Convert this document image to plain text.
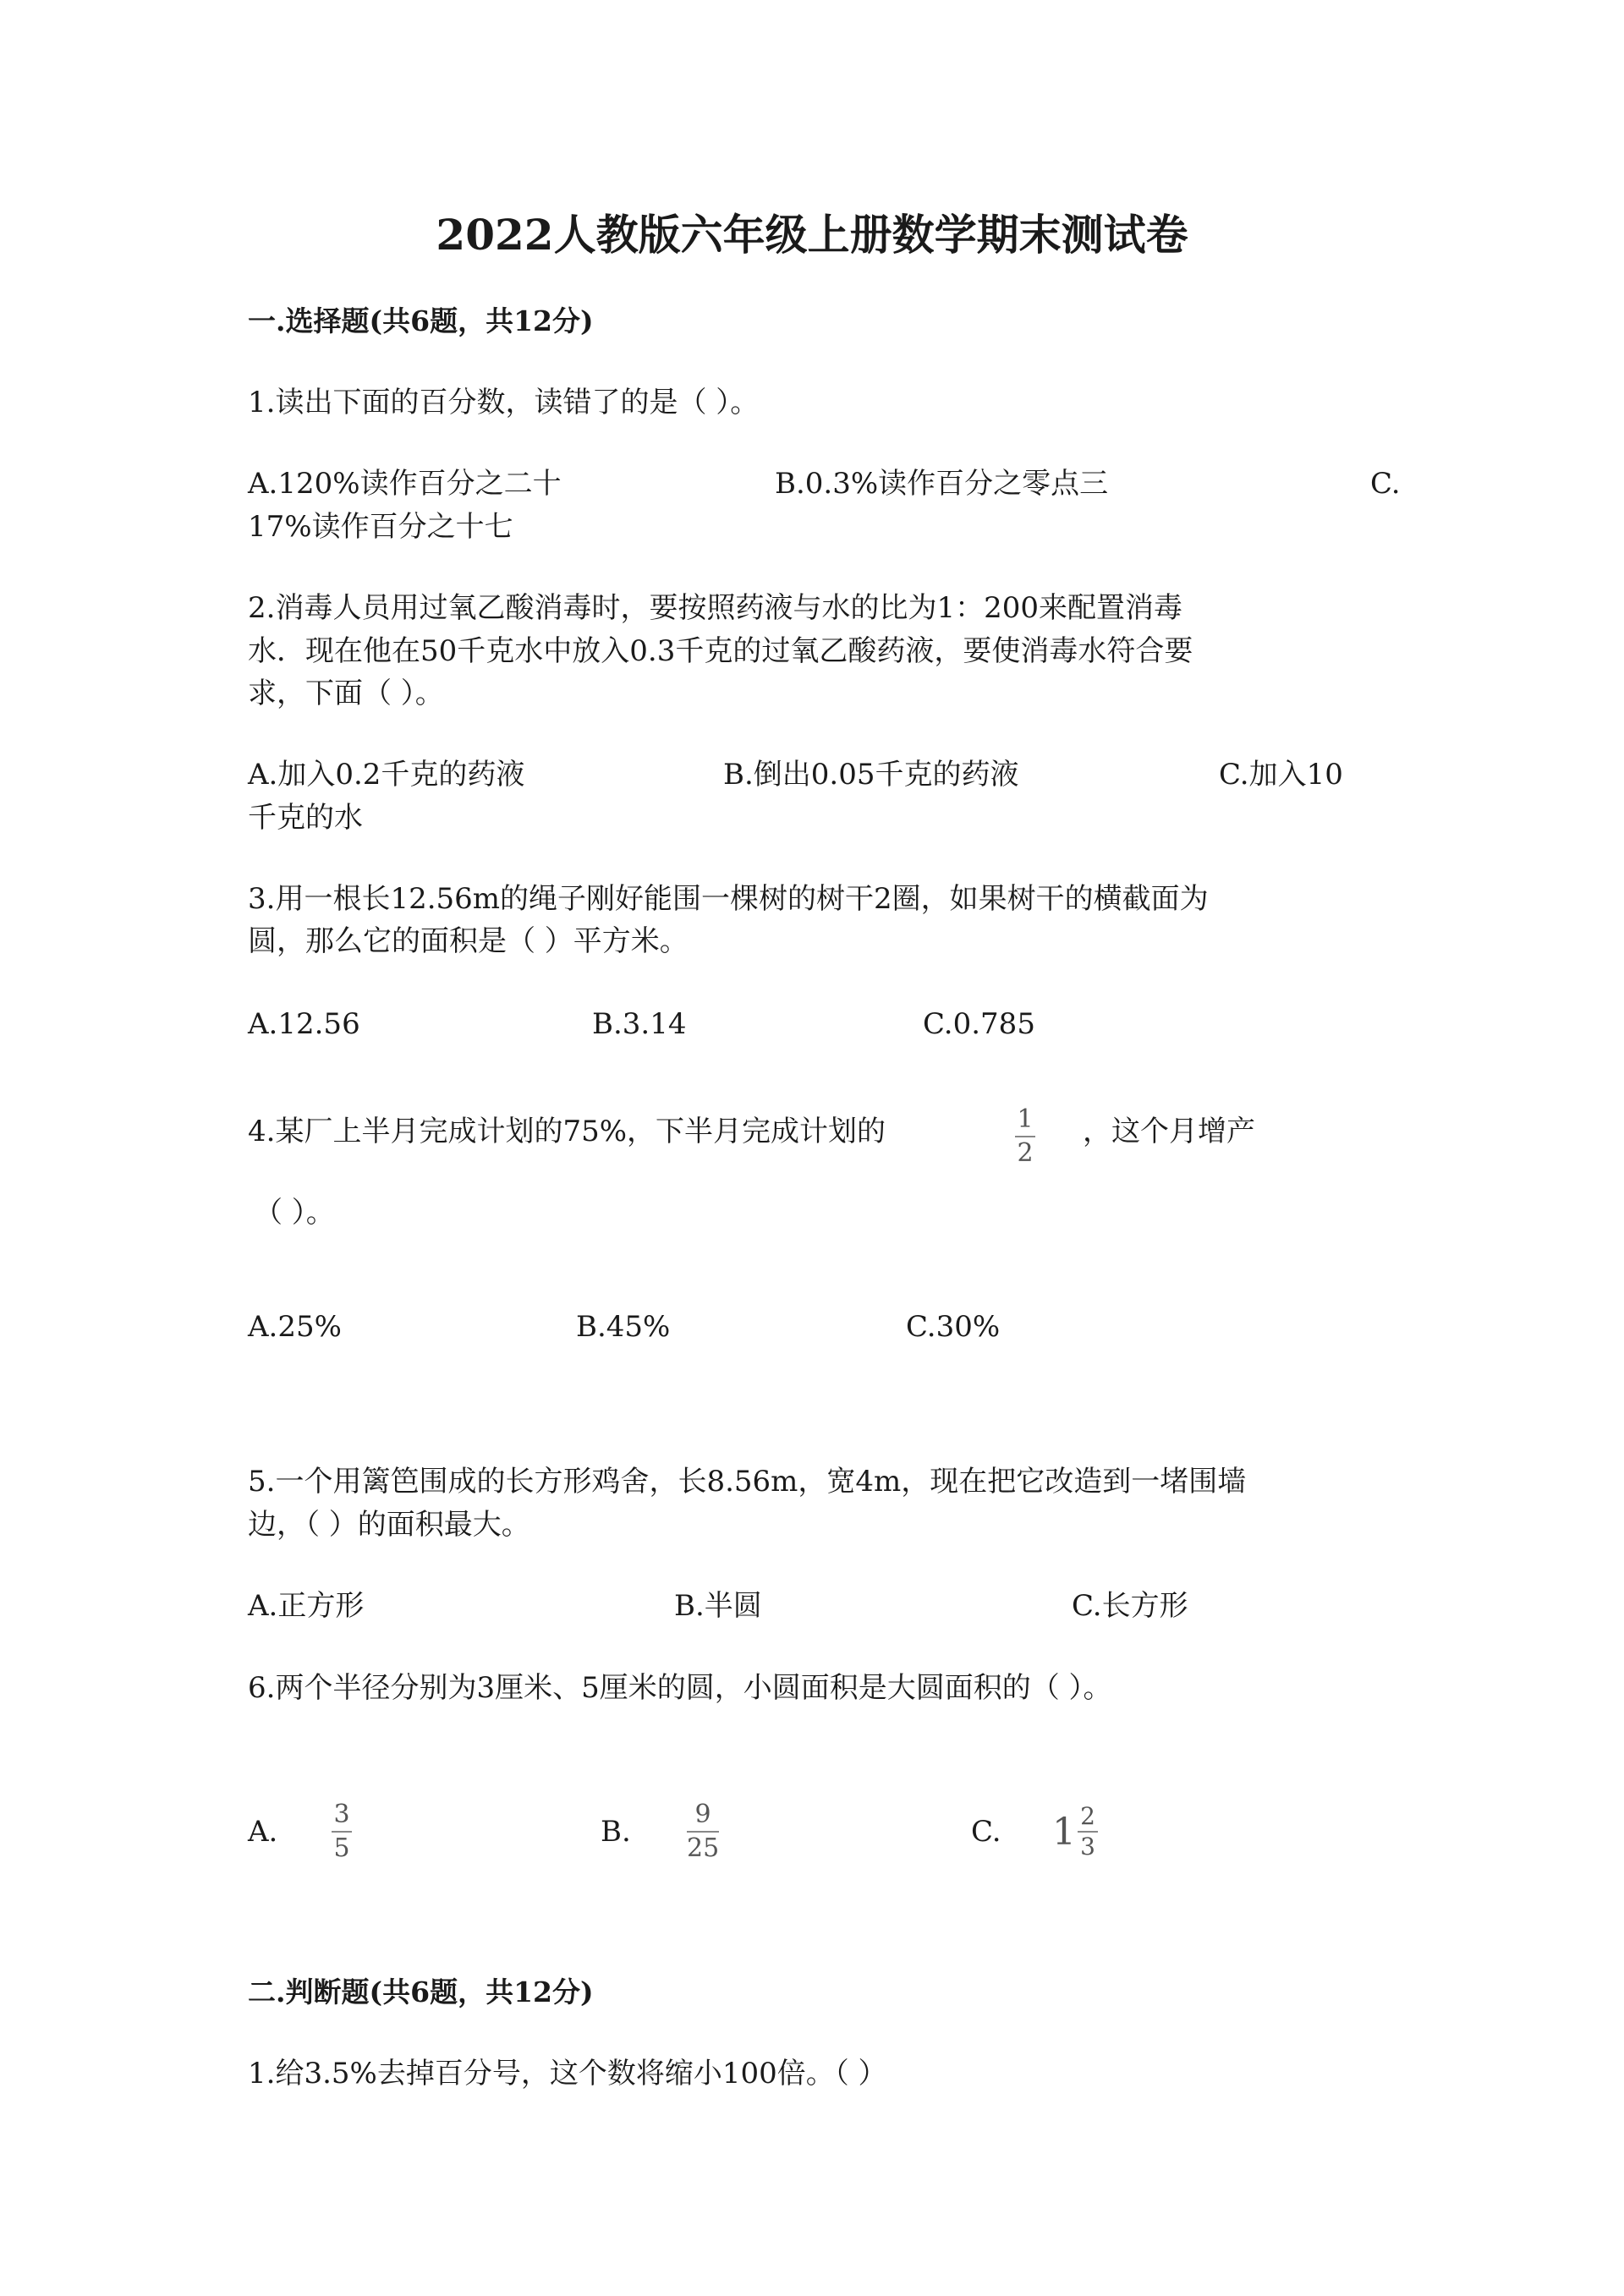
2022人教版六年级上册数学期末测试卷
一.选择题(共6题，共12分)
1.读出下面的百分数，读错了的是（ ）。
A.120%读作百分之二十	B.0.3%读作百分之零点三	C.
17%读作百分之十七
2.消毒人员用过氧乙酸消毒时，要按照药液与水的比为1：200来配置消毒
水．现在他在50千克水中放入0.3千克的过氧乙酸药液，要使消毒水符合要
求，下面（ ）。
A.加入0.2千克的药液	B.倒出0.05千克的药液	C.加入10
千克的水
3.用一根长12.56m的绳子刚好能围一棵树的树干2圈，如果树干的横截面为
圆，那么它的面积是（ ）平方米。
A.12.56	B.3.14	C.0.785
4.某厂上半月完成计划的75%，下半月完成计划的	1
2
，这个月增产
（ ）。
A.25%	B.45%	C.30%
5.一个用篱笆围成的长方形鸡舍，长8.56m，宽4m，现在把它改造到一堵围墙
边，（ ）的面积最大。
A.正方形	B.半圆	C.长方形
6.两个半径分别为3厘米、5厘米的圆，小圆面积是大圆面积的（ ）。
A.
3
5	B.
9
25	C. $1 \frac{2}{3}$
二.判断题(共6题，共12分)
1.给3.5%去掉百分号，这个数将缩小100倍。（ ）
